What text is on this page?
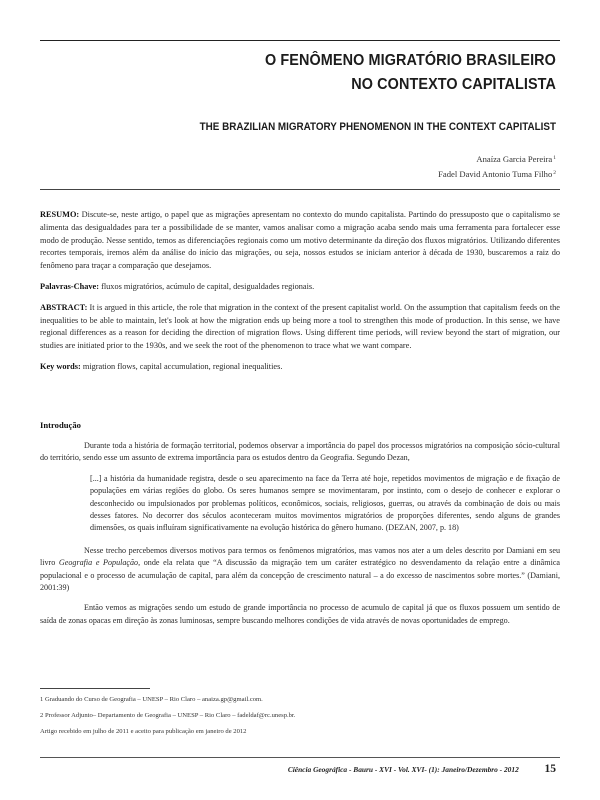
O FENÔMENO MIGRATÓRIO BRASILEIRO
NO CONTEXTO CAPITALISTA
THE BRAZILIAN MIGRATORY PHENOMENON IN THE CONTEXT CAPITALIST
Anaíza Garcia Pereira$^1$
Fadel David Antonio Tuma Filho$^2$

RESUMO: Discute-se, neste artigo, o papel que as migrações apresentam no contexto do mundo capitalista. Partindo do pressuposto que o capitalismo se alimenta das desigualdades para ter a possibilidade de se manter, vamos analisar como a migração acaba sendo mais uma ferramenta para fortalecer esse modo de produção. Nesse sentido, temos as diferenciações regionais como um motivo determinante da direção dos fluxos migratórios. Utilizando diferentes recortes temporais, iremos além da análise do início das migrações, ou seja, nossos estudos se iniciam anterior à década de 1930, buscaremos a raiz do fenômeno para traçar a comparação que desejamos.

Palavras-Chave: fluxos migratórios, acúmulo de capital, desigualdades regionais.

ABSTRACT: It is argued in this article, the role that migration in the context of the present capitalist world. On the assumption that capitalism feeds on the inequalities to be able to maintain, let's look at how the migration ends up being more a tool to strengthen this mode of production. In this sense, we have regional differences as a reason for deciding the direction of migration flows. Using different time periods, will review beyond the start of migration, our studies are initiated prior to the 1930s, and we seek the root of the phenomenon to trace what we want compare.

Key words: migration flows, capital accumulation, regional inequalities.

Introdução

Durante toda a história de formação territorial, podemos observar a importância do papel dos processos migratórios na composição sócio-cultural do território, sendo esse um assunto de extrema importância para os estudos dentro da Geografia. Segundo Dezan,

[...] a história da humanidade registra, desde o seu aparecimento na face da Terra até hoje, repetidos movimentos de migração e de fixação de populações em várias regiões do globo. Os seres humanos sempre se movimentaram, por instinto, com o desejo de conhecer e explorar o desconhecido ou impulsionados por problemas políticos, econômicos, sociais, religiosos, guerras, ou através da combinação de dois ou mais desses fatores. No decorrer dos séculos aconteceram muitos movimentos migratórios de proporções diferentes, sendo alguns de grandes dimensões, os quais influíram significativamente na evolução histórica do gênero humano. (DEZAN, 2007, p. 18)

Nesse trecho percebemos diversos motivos para termos os fenômenos migratórios, mas vamos nos ater a um deles descrito por Damiani em seu livro Geografia e População, onde ela relata que “A discussão da migração tem um caráter estratégico no desvendamento da relação entre a dinâmica populacional e o processo de acumulação de capital, para além da concepção de crescimento natural – a do excesso de nascimentos sobre mortes.” (Damiani, 2001:39)

Então vemos as migrações sendo um estudo de grande importância no processo de acumulo de capital já que os fluxos possuem um sentido de saída de zonas opacas em direção às zonas luminosas, sempre buscando melhores condições de vida através de novas oportunidades de emprego.

1 Graduando do Curso de Geografia – UNESP – Rio Claro – anaiza.gp@gmail.com.

2 Professor Adjunto– Departamento de Geografia – UNESP – Rio Claro – fadeldaf@rc.unesp.br.

Artigo recebido em julho de 2011 e aceito para publicação em janeiro de 2012

Ciência Geográfica - Bauru - XVI - Vol. XVI- (1): Janeiro/Dezembro - 2012 15
